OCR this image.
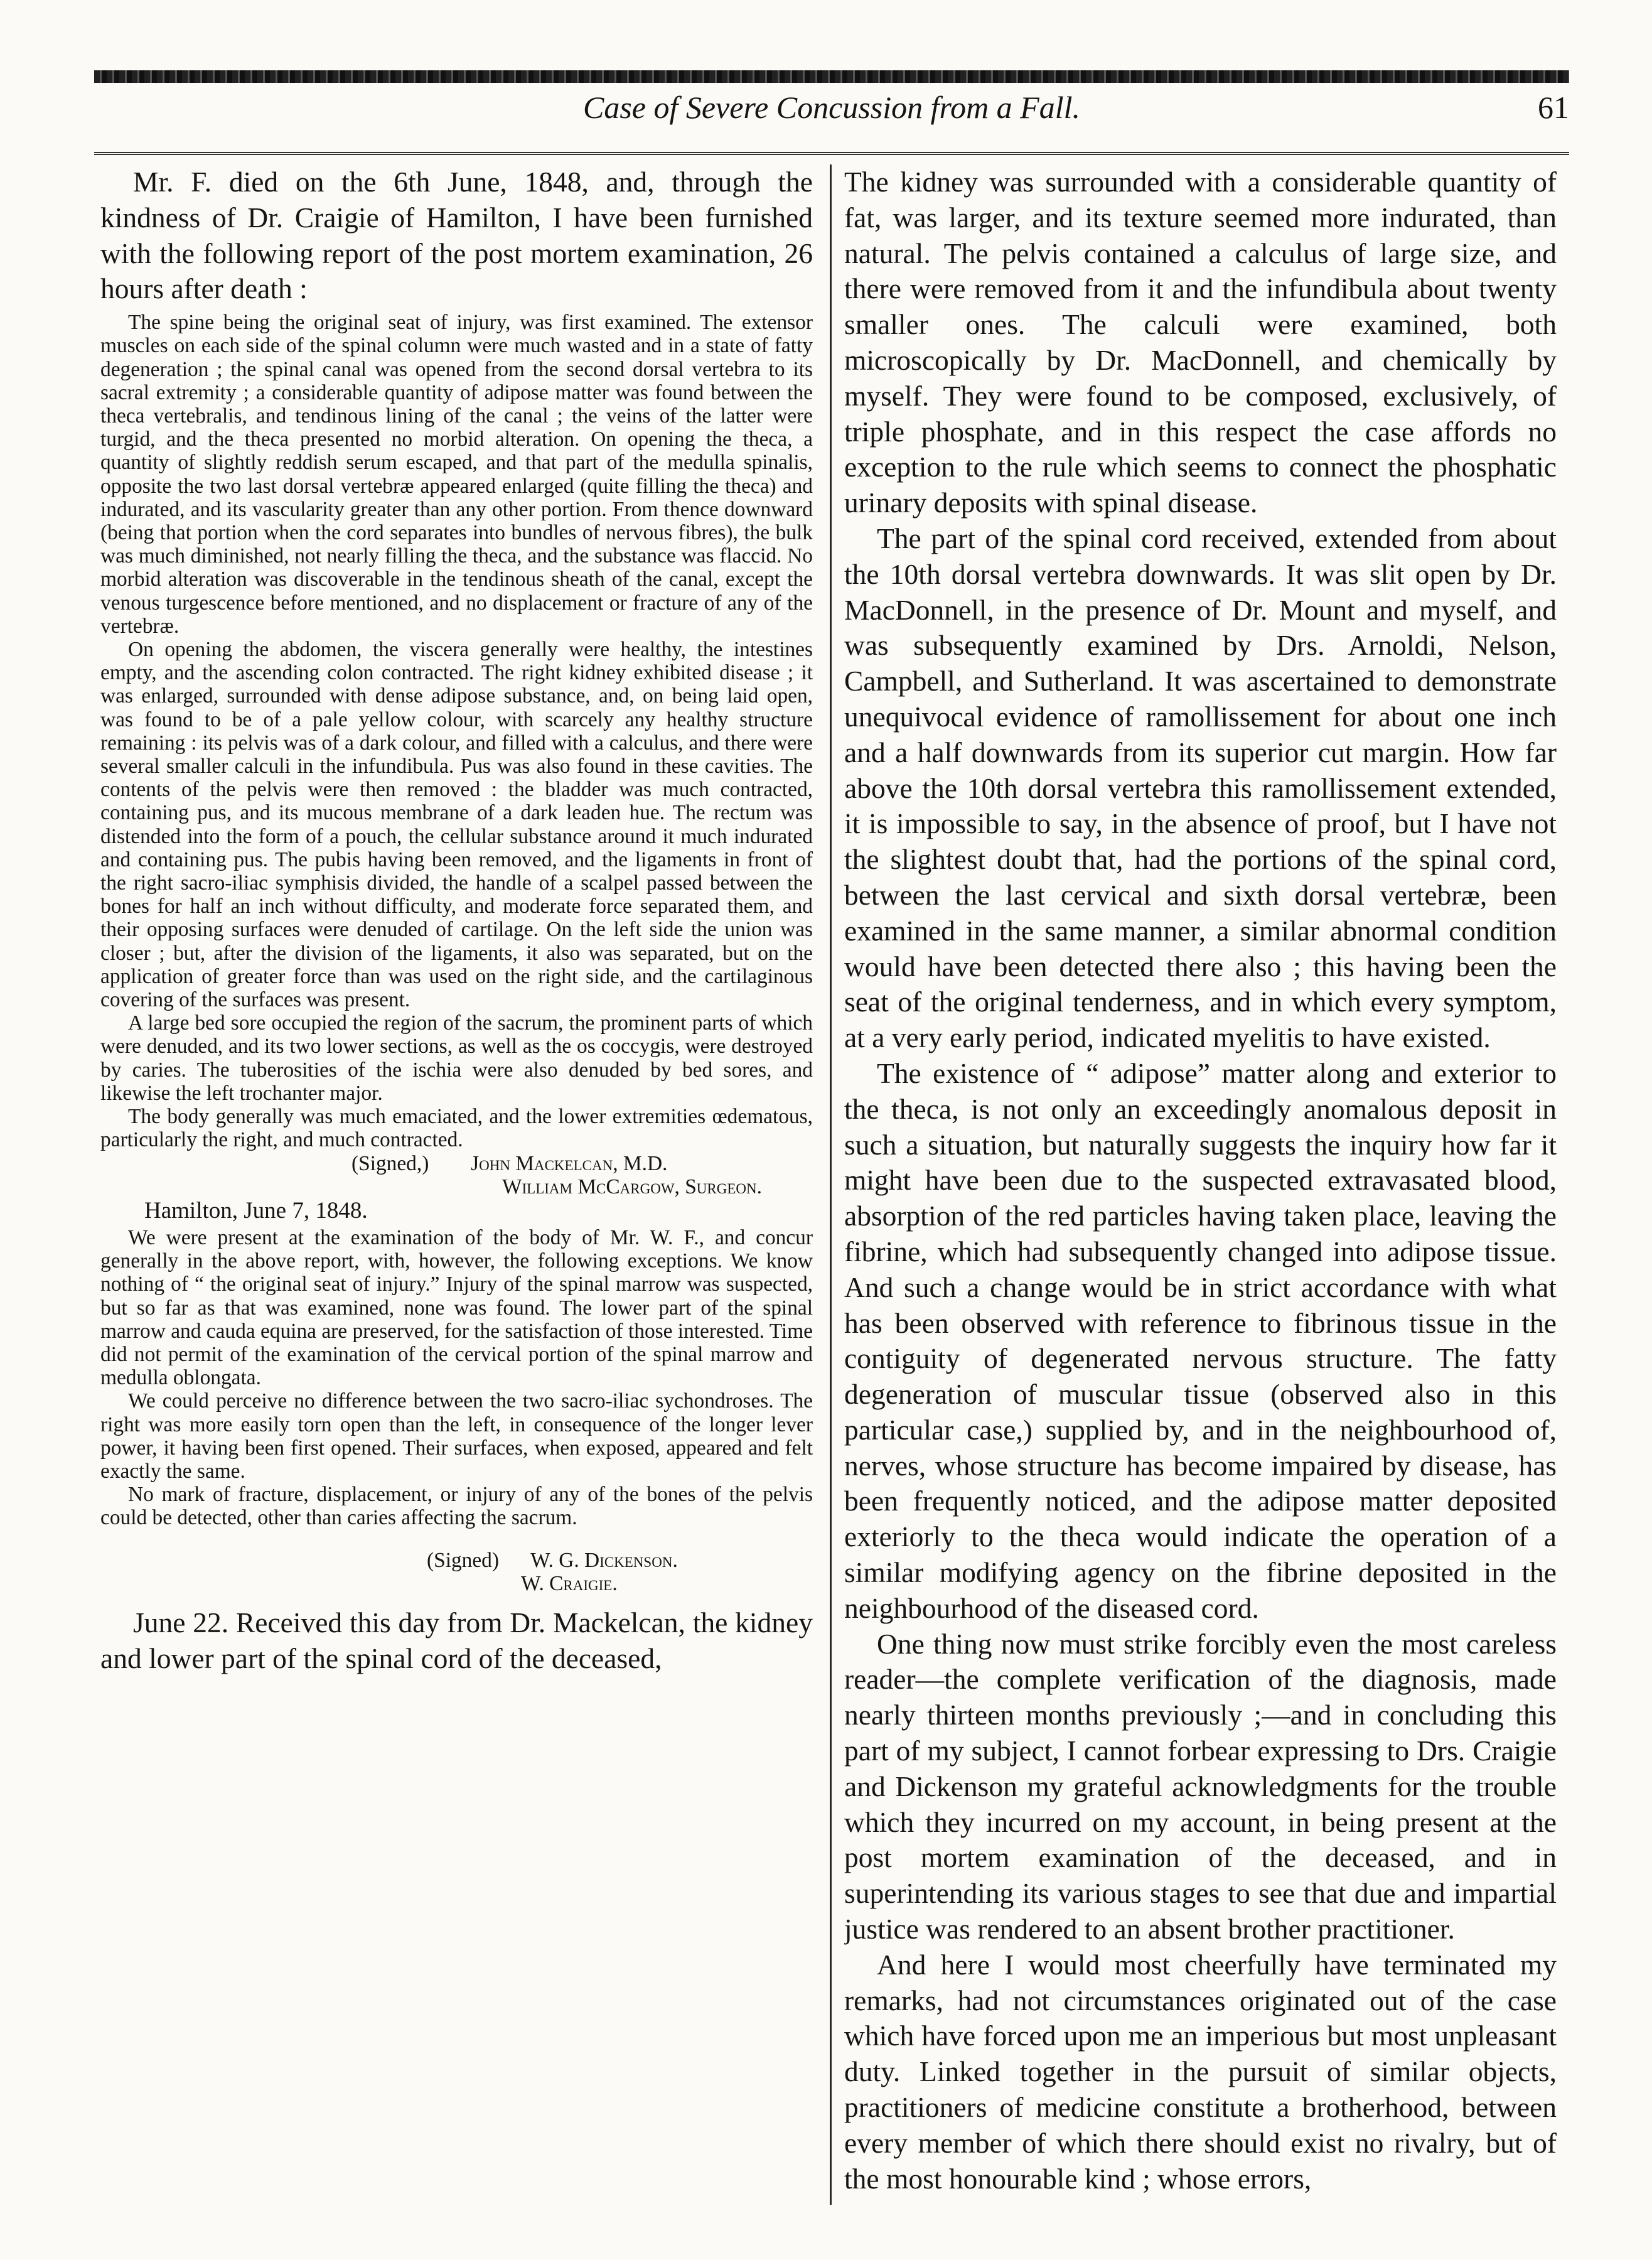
Case of Severe Concussion from a Fall.	61

Mr. F. died on the 6th June, 1848, and, through the kindness of Dr. Craigie of Hamilton, I have been furnished with the following report of the post mortem examination, 26 hours after death :

The spine being the original seat of injury, was first examined. The extensor muscles on each side of the spinal column were much wasted and in a state of fatty degeneration ; the spinal canal was opened from the second dorsal vertebra to its sacral extremity ; a considerable quantity of adipose matter was found between the theca vertebralis, and tendinous lining of the canal ; the veins of the latter were turgid, and the theca presented no morbid alteration. On opening the theca, a quantity of slightly reddish serum escaped, and that part of the medulla spinalis, opposite the two last dorsal vertebræ appeared enlarged (quite filling the theca) and indurated, and its vascularity greater than any other portion. From thence downward (being that portion when the cord separates into bundles of nervous fibres), the bulk was much diminished, not nearly filling the theca, and the substance was flaccid. No morbid alteration was discoverable in the tendinous sheath of the canal, except the venous turgescence before mentioned, and no displacement or fracture of any of the vertebræ.

On opening the abdomen, the viscera generally were healthy, the intestines empty, and the ascending colon contracted. The right kidney exhibited disease ; it was enlarged, surrounded with dense adipose substance, and, on being laid open, was found to be of a pale yellow colour, with scarcely any healthy structure remaining : its pelvis was of a dark colour, and filled with a calculus, and there were several smaller calculi in the infundibula. Pus was also found in these cavities. The contents of the pelvis were then removed : the bladder was much contracted, containing pus, and its mucous membrane of a dark leaden hue. The rectum was distended into the form of a pouch, the cellular substance around it much indurated and containing pus. The pubis having been removed, and the ligaments in front of the right sacro-iliac symphisis divided, the handle of a scalpel passed between the bones for half an inch without difficulty, and moderate force separated them, and their opposing surfaces were denuded of cartilage. On the left side the union was closer ; but, after the division of the ligaments, it also was separated, but on the application of greater force than was used on the right side, and the cartilaginous covering of the surfaces was present.

A large bed sore occupied the region of the sacrum, the prominent parts of which were denuded, and its two lower sections, as well as the os coccygis, were destroyed by caries. The tuberosities of the ischia were also denuded by bed sores, and likewise the left trochanter major.

The body generally was much emaciated, and the lower extremities œdematous, particularly the right, and much contracted.

(Signed,) John Mackelcan, M.D.
William McCargow, Surgeon.

Hamilton, June 7, 1848.

We were present at the examination of the body of Mr. W. F., and concur generally in the above report, with, however, the following exceptions. We know nothing of “ the original seat of injury.” Injury of the spinal marrow was suspected, but so far as that was examined, none was found. The lower part of the spinal marrow and cauda equina are preserved, for the satisfaction of those interested. Time did not permit of the examination of the cervical portion of the spinal marrow and medulla oblongata.

We could perceive no difference between the two sacro-iliac sychondroses. The right was more easily torn open than the left, in consequence of the longer lever power, it having been first opened. Their surfaces, when exposed, appeared and felt exactly the same.

No mark of fracture, displacement, or injury of any of the bones of the pelvis could be detected, other than caries affecting the sacrum.

(Signed) W. G. Dickenson.
W. Craigie.

June 22. Received this day from Dr. Mackelcan, the kidney and lower part of the spinal cord of the deceased,

The kidney was surrounded with a considerable quantity of fat, was larger, and its texture seemed more indurated, than natural. The pelvis contained a calculus of large size, and there were removed from it and the infundibula about twenty smaller ones. The calculi were examined, both microscopically by Dr. MacDonnell, and chemically by myself. They were found to be composed, exclusively, of triple phosphate, and in this respect the case affords no exception to the rule which seems to connect the phosphatic urinary deposits with spinal disease.

The part of the spinal cord received, extended from about the 10th dorsal vertebra downwards. It was slit open by Dr. MacDonnell, in the presence of Dr. Mount and myself, and was subsequently examined by Drs. Arnoldi, Nelson, Campbell, and Sutherland. It was ascertained to demonstrate unequivocal evidence of ramollissement for about one inch and a half downwards from its superior cut margin. How far above the 10th dorsal vertebra this ramollissement extended, it is impossible to say, in the absence of proof, but I have not the slightest doubt that, had the portions of the spinal cord, between the last cervical and sixth dorsal vertebræ, been examined in the same manner, a similar abnormal condition would have been detected there also ; this having been the seat of the original tenderness, and in which every symptom, at a very early period, indicated myelitis to have existed.

The existence of “ adipose” matter along and exterior to the theca, is not only an exceedingly anomalous deposit in such a situation, but naturally suggests the inquiry how far it might have been due to the suspected extravasated blood, absorption of the red particles having taken place, leaving the fibrine, which had subsequently changed into adipose tissue. And such a change would be in strict accordance with what has been observed with reference to fibrinous tissue in the contiguity of degenerated nervous structure. The fatty degeneration of muscular tissue (observed also in this particular case,) supplied by, and in the neighbourhood of, nerves, whose structure has become impaired by disease, has been frequently noticed, and the adipose matter deposited exteriorly to the theca would indicate the operation of a similar modifying agency on the fibrine deposited in the neighbourhood of the diseased cord.

One thing now must strike forcibly even the most careless reader—the complete verification of the diagnosis, made nearly thirteen months previously ;—and in concluding this part of my subject, I cannot forbear expressing to Drs. Craigie and Dickenson my grateful acknowledgments for the trouble which they incurred on my account, in being present at the post mortem examination of the deceased, and in superintending its various stages to see that due and impartial justice was rendered to an absent brother practitioner.

And here I would most cheerfully have terminated my remarks, had not circumstances originated out of the case which have forced upon me an imperious but most unpleasant duty. Linked together in the pursuit of similar objects, practitioners of medicine constitute a brotherhood, between every member of which there should exist no rivalry, but of the most honourable kind ; whose errors,
